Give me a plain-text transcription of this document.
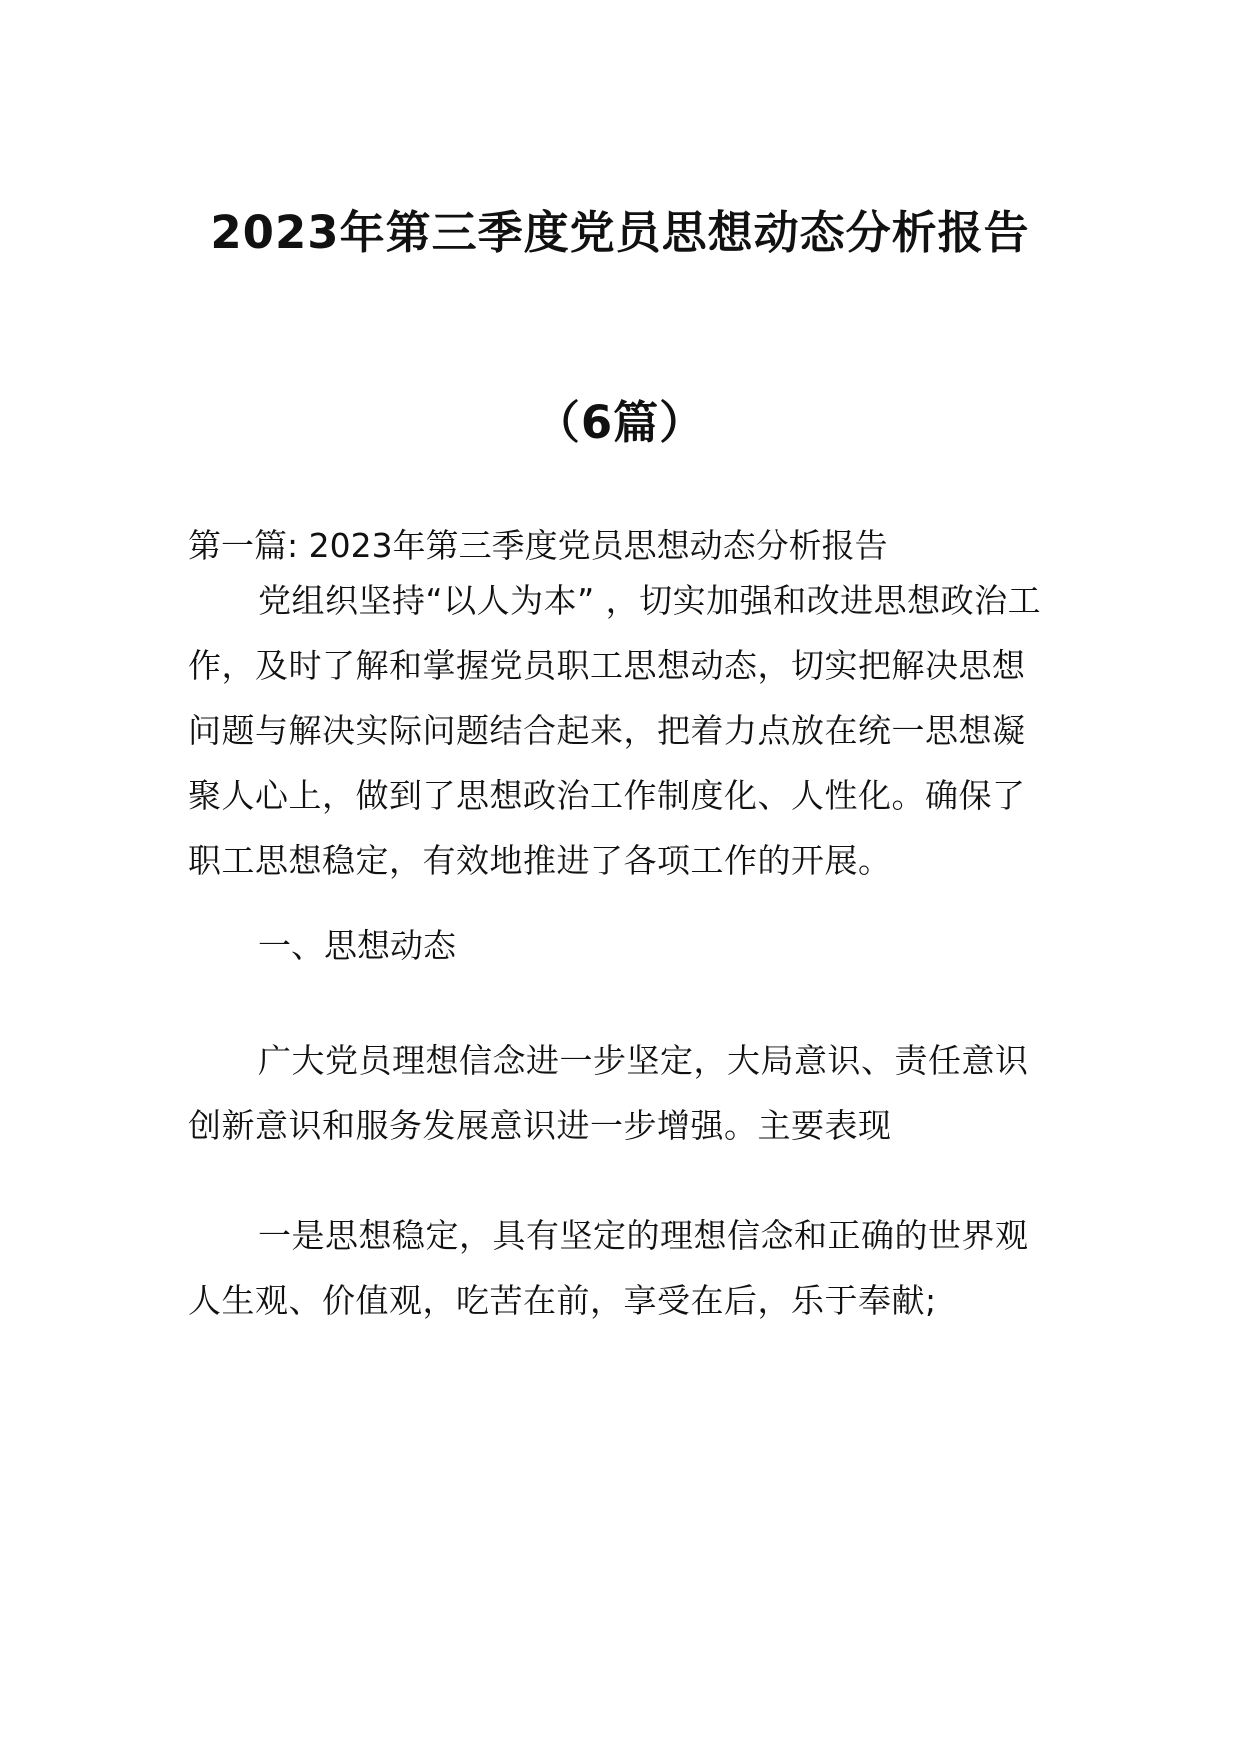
2023年第三季度党员思想动态分析报告
（6篇）
第一篇: 2023年第三季度党员思想动态分析报告
党组织坚持“以人为本” ，切实加强和改进思想政治工作，及时了解和掌握党员职工思想动态，切实把解决思想问题与解决实际问题结合起来，把着力点放在统一思想凝聚人心上，做到了思想政治工作制度化、人性化。确保了职工思想稳定，有效地推进了各项工作的开展。
一、思想动态
广大党员理想信念进一步坚定，大局意识、责任意识创新意识和服务发展意识进一步增强。主要表现
一是思想稳定，具有坚定的理想信念和正确的世界观人生观、价值观，吃苦在前，享受在后，乐于奉献;
